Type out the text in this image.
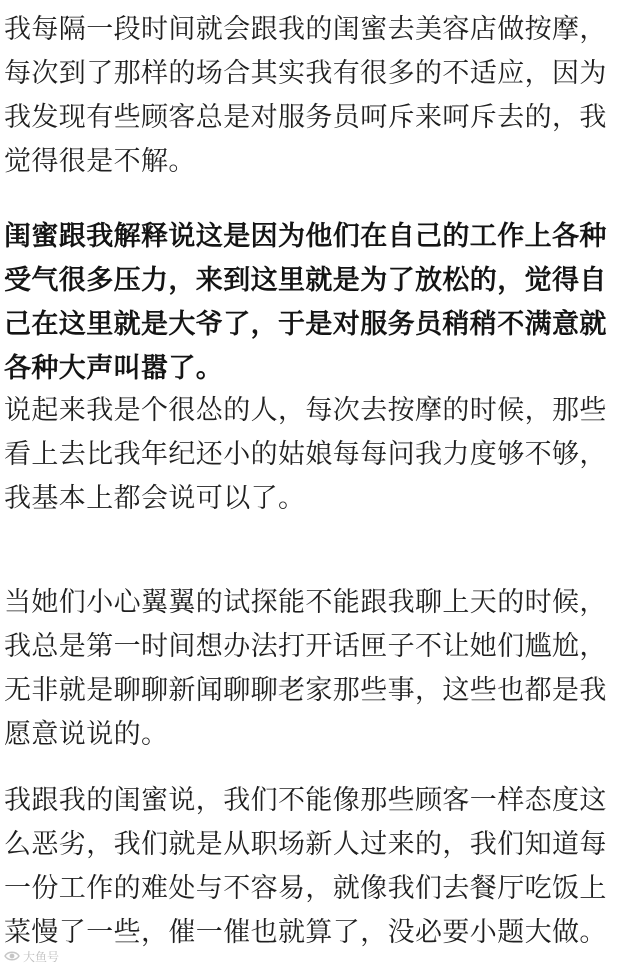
我每隔一段时间就会跟我的闺蜜去美容店做按摩，
每次到了那样的场合其实我有很多的不适应，因为
我发现有些顾客总是对服务员呵斥来呵斥去的，我
觉得很是不解。
闺蜜跟我解释说这是因为他们在自己的工作上各种
受气很多压力，来到这里就是为了放松的，觉得自
己在这里就是大爷了，于是对服务员稍稍不满意就
各种大声叫嚣了。
说起来我是个很怂的人，每次去按摩的时候，那些
看上去比我年纪还小的姑娘每每问我力度够不够，
我基本上都会说可以了。
当她们小心翼翼的试探能不能跟我聊上天的时候，
我总是第一时间想办法打开话匣子不让她们尴尬，
无非就是聊聊新闻聊聊老家那些事，这些也都是我
愿意说说的。
我跟我的闺蜜说，我们不能像那些顾客一样态度这
么恶劣，我们就是从职场新人过来的，我们知道每
一份工作的难处与不容易，就像我们去餐厅吃饭上
菜慢了一些，催一催也就算了，没必要小题大做。
大鱼号
